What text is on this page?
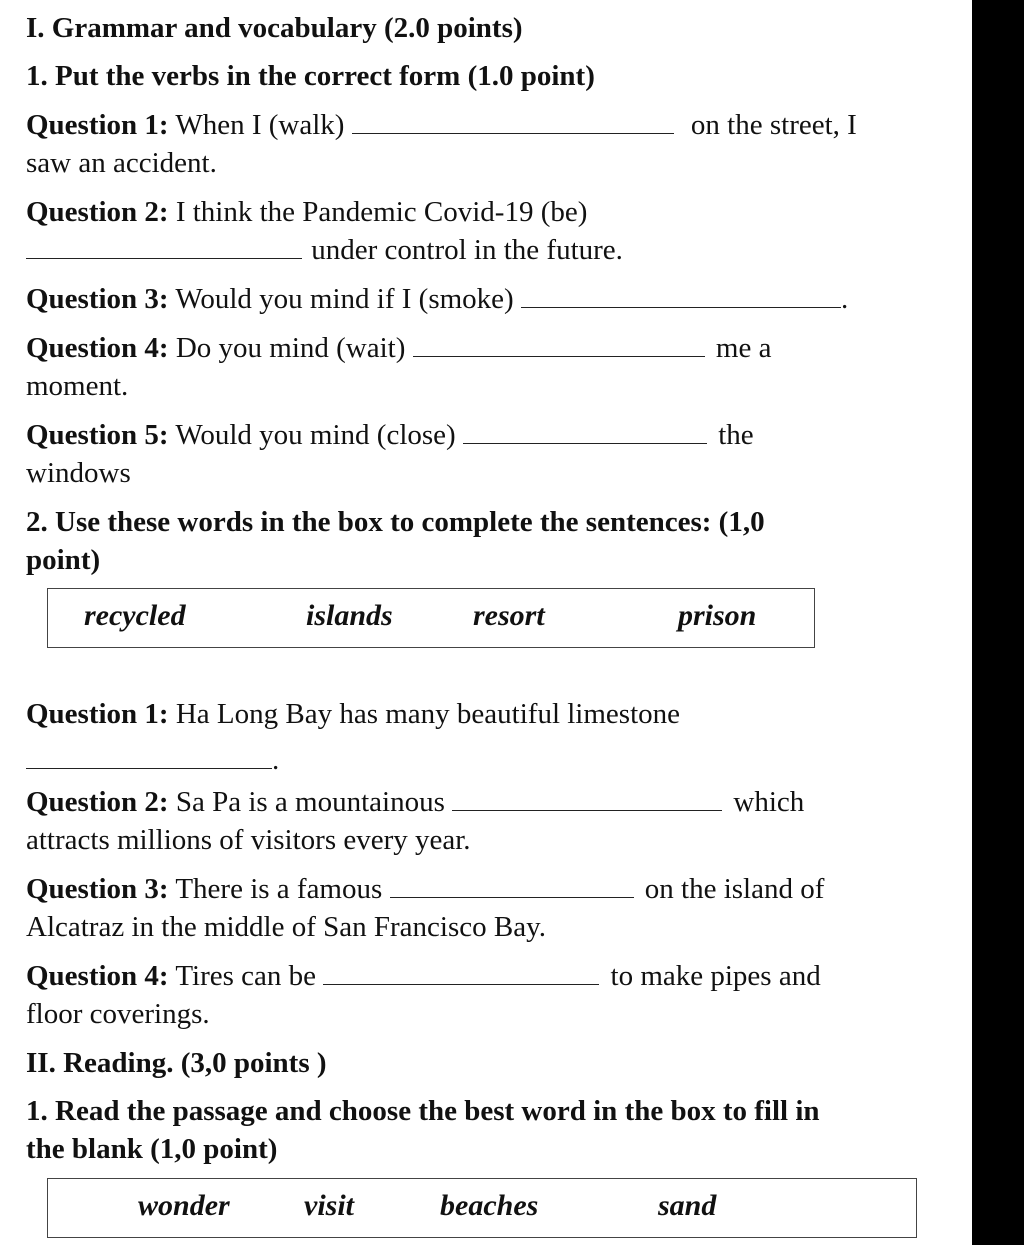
I. Grammar and vocabulary (2.0 points)
1. Put the verbs in the correct form (1.0 point)
Question 1: When I (walk)	on the street, I
saw an accident.
Question 2: I think the Pandemic Covid-19 (be)
under control in the future.
Question 3: Would you mind if I (smoke)	.
Question 4: Do you mind (wait)	me a
moment.
Question 5: Would you mind (close)	the
windows
2. Use these words in the box to complete the sentences: (1,0
point)
recycled	islands	resort	prison
Question 1: Ha Long Bay has many beautiful limestone
.
Question 2: Sa Pa is a mountainous	which
attracts millions of visitors every year.
Question 3: There is a famous	on the island of
Alcatraz in the middle of San Francisco Bay.
Question 4: Tires can be	to make pipes and
floor coverings.
II. Reading. (3,0 points )
1. Read the passage and choose the best word in the box to fill in
the blank (1,0 point)
wonder visit	beaches	sand
